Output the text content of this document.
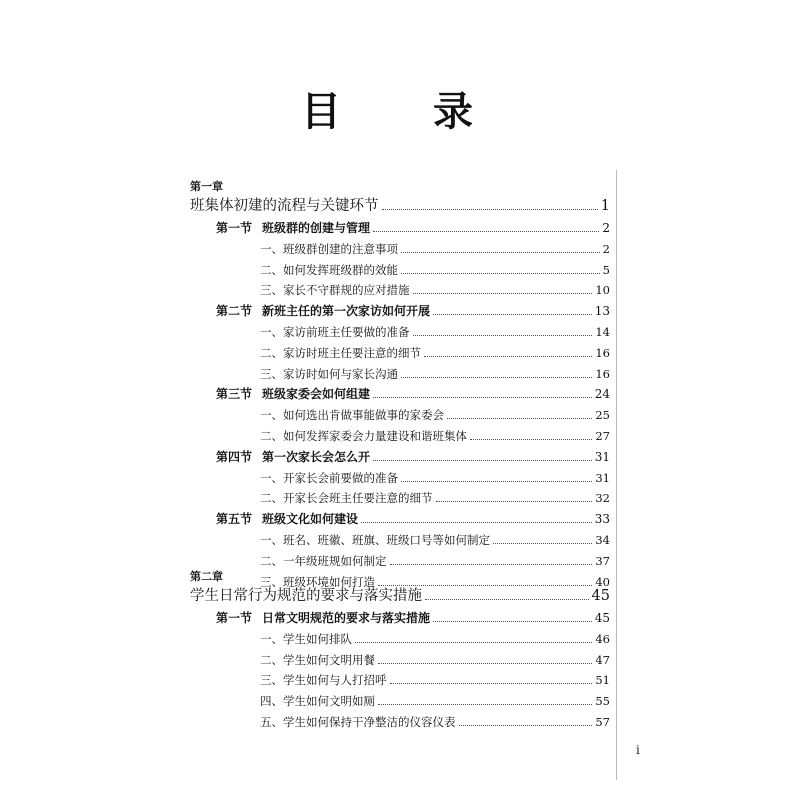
目　录
第一章
班集体初建的流程与关键环节	1
第一节 班级群的创建与管理	2
一、班级群创建的注意事项	2
二、如何发挥班级群的效能	5
三、家长不守群规的应对措施	10
第二节 新班主任的第一次家访如何开展	13
一、家访前班主任要做的准备	14
二、家访时班主任要注意的细节	16
三、家访时如何与家长沟通	16
第三节 班级家委会如何组建	24
一、如何选出肯做事能做事的家委会	25
二、如何发挥家委会力量建设和谐班集体	27
第四节 第一次家长会怎么开	31
一、开家长会前要做的准备	31
二、开家长会班主任要注意的细节	32
第五节 班级文化如何建设	33
一、班名、班徽、班旗、班级口号等如何制定	34
二、一年级班规如何制定	37
三、班级环境如何打造	40
第二章
学生日常行为规范的要求与落实措施	45
第一节 日常文明规范的要求与落实措施	45
一、学生如何排队	46
二、学生如何文明用餐	47
三、学生如何与人打招呼	51
四、学生如何文明如厕	55
五、学生如何保持干净整洁的仪容仪表	57
i
